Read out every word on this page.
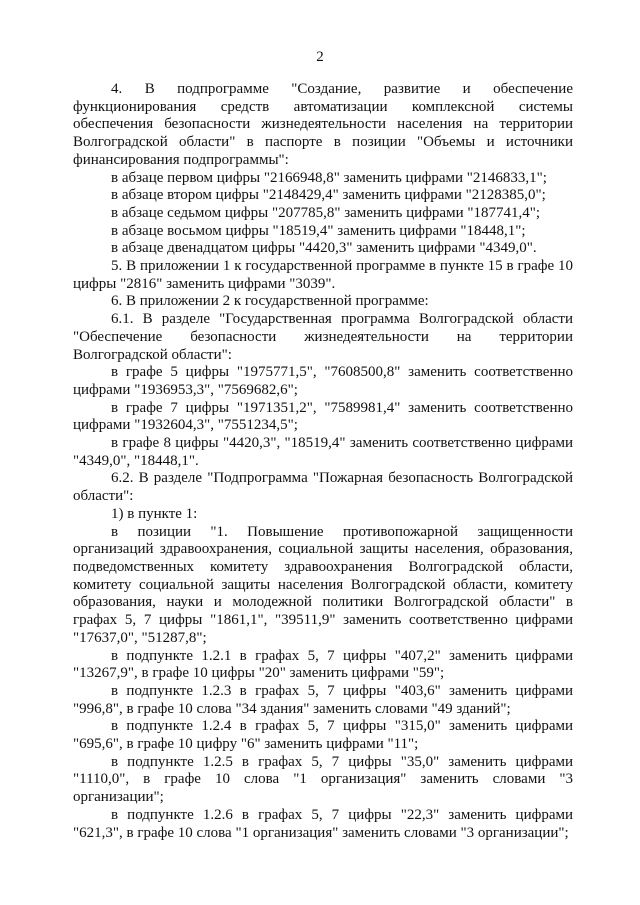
2

4. В подпрограмме "Создание, развитие и обеспечение функционирования средств автоматизации комплексной системы обеспечения безопасности жизнедеятельности населения на территории Волгоградской области" в паспорте в позиции "Объемы и источники финансирования подпрограммы":

в абзаце первом цифры "2166948,8" заменить цифрами "2146833,1";

в абзаце втором цифры "2148429,4" заменить цифрами "2128385,0";

в абзаце седьмом цифры "207785,8" заменить цифрами "187741,4";

в абзаце восьмом цифры "18519,4" заменить цифрами "18448,1";

в абзаце двенадцатом цифры "4420,3" заменить цифрами "4349,0".

5. В приложении 1 к государственной программе в пункте 15 в графе 10 цифры "2816" заменить цифрами "3039".

6. В приложении 2 к государственной программе:

6.1. В разделе "Государственная программа Волгоградской области "Обеспечение безопасности жизнедеятельности на территории Волгоградской области":

в графе 5 цифры "1975771,5", "7608500,8" заменить соответственно цифрами "1936953,3", "7569682,6";

в графе 7 цифры "1971351,2", "7589981,4" заменить соответственно цифрами "1932604,3", "7551234,5";

в графе 8 цифры "4420,3", "18519,4" заменить соответственно цифрами "4349,0", "18448,1".

6.2. В разделе "Подпрограмма "Пожарная безопасность Волгоградской области":

1) в пункте 1:

в позиции "1. Повышение противопожарной защищенности организаций здравоохранения, социальной защиты населения, образования, подведомственных комитету здравоохранения Волгоградской области, комитету социальной защиты населения Волгоградской области, комитету образования, науки и молодежной политики Волгоградской области" в графах 5, 7 цифры "1861,1", "39511,9" заменить соответственно цифрами "17637,0", "51287,8";

в подпункте 1.2.1 в графах 5, 7 цифры "407,2" заменить цифрами "13267,9", в графе 10 цифры "20" заменить цифрами "59";

в подпункте 1.2.3 в графах 5, 7 цифры "403,6" заменить цифрами "996,8", в графе 10 слова "34 здания" заменить словами "49 зданий";

в подпункте 1.2.4 в графах 5, 7 цифры "315,0" заменить цифрами "695,6", в графе 10 цифру "6" заменить цифрами "11";

в подпункте 1.2.5 в графах 5, 7 цифры "35,0" заменить цифрами "1110,0", в графе 10 слова "1 организация" заменить словами "3 организации";

в подпункте 1.2.6 в графах 5, 7 цифры "22,3" заменить цифрами "621,3", в графе 10 слова "1 организация" заменить словами "3 организации";
